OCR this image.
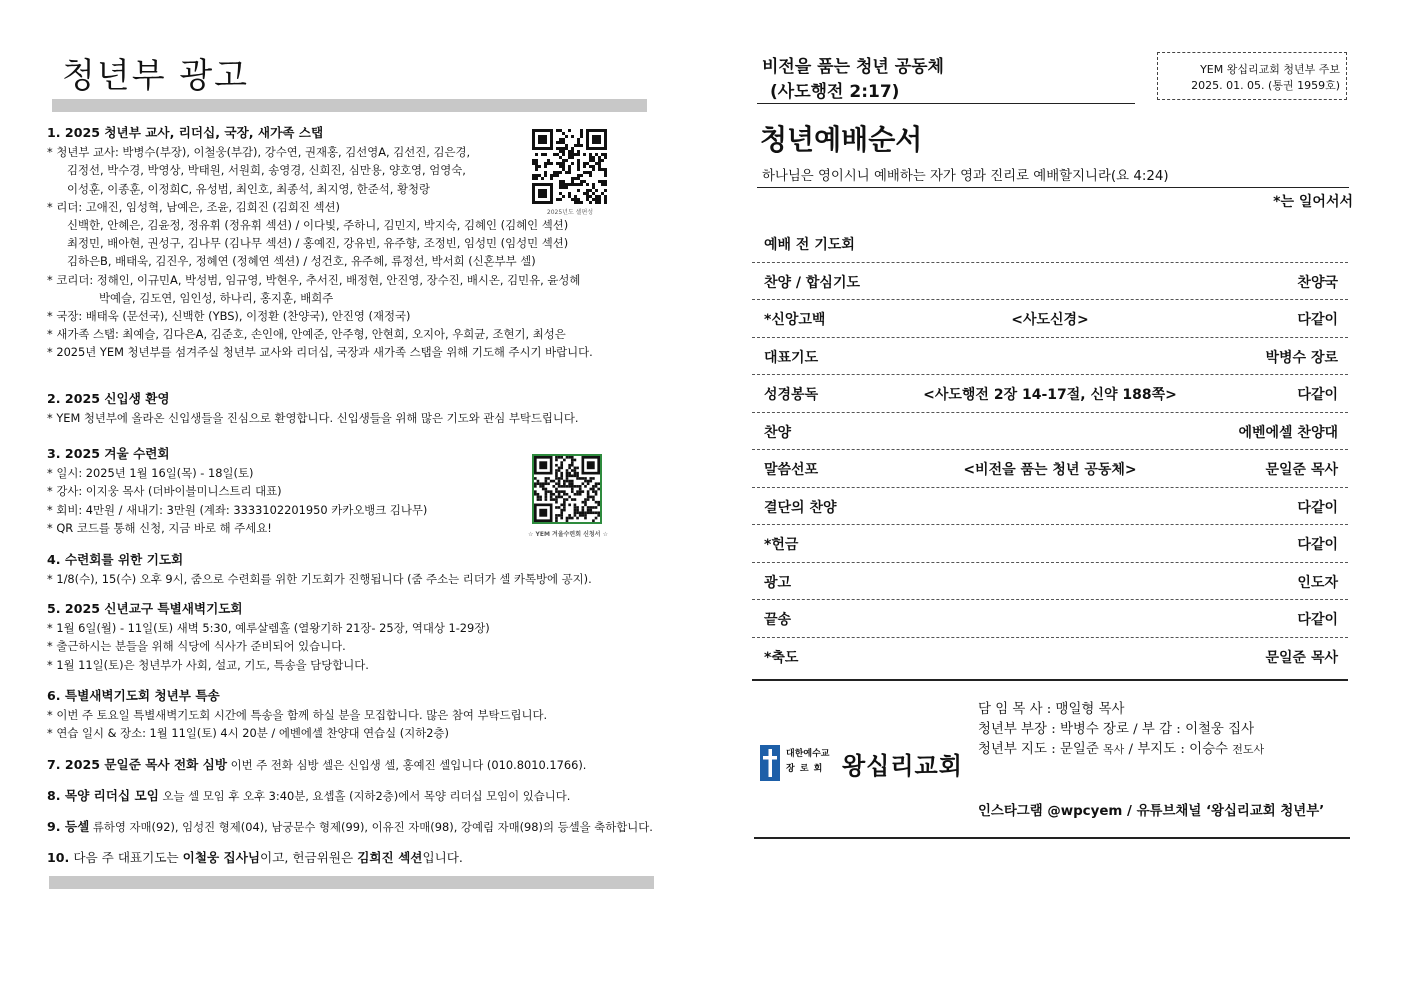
청년부 광고
1. 2025 청년부 교사, 리더십, 국장, 새가족 스탭
* 청년부 교사: 박병수(부장), 이철웅(부감), 강수연, 권재홍, 김선영A, 김선진, 김은경,
김정선, 박수경, 박영상, 박태원, 서원희, 송영경, 신희진, 심만용, 양호영, 엄영숙,
이성훈, 이종훈, 이정희C, 유성범, 최인호, 최종석, 최지영, 한준석, 황청랑
* 리더: 고애진, 임성혁, 남예은, 조윤, 김희진 (김희진 섹션)
신백한, 안혜은, 김윤정, 정유휘 (정유휘 섹션) / 이다빛, 주하니, 김민지, 박지숙, 김혜인 (김혜인 섹션)
최정민, 배아현, 권성구, 김나무 (김나무 섹션) / 홍예진, 강유빈, 유주향, 조정빈, 임성민 (임성민 섹션)
김하은B, 배태욱, 김진우, 정혜연 (정혜연 섹션) / 성건호, 유주혜, 류정선, 박서희 (신혼부부 셀)
* 코리더: 정해인, 이규민A, 박성범, 임규영, 박현우, 추서진, 배정현, 안진영, 장수진, 배시온, 김민유, 윤성혜
박예슬, 김도연, 임인성, 하나리, 홍지훈, 배희주
* 국장: 배태욱 (문선국), 신백한 (YBS), 이정환 (찬양국), 안진영 (재정국)
* 새가족 스탭: 최예슬, 김다은A, 김준호, 손인애, 안예준, 안주형, 안현희, 오지아, 우희균, 조현기, 최성은
* 2025년 YEM 청년부를 섬겨주실 청년부 교사와 리더십, 국장과 새가족 스탭을 위해 기도해 주시기 바랍니다.
2025년도 셀편성
2. 2025 신입생 환영
* YEM 청년부에 올라온 신입생들을 진심으로 환영합니다. 신입생들을 위해 많은 기도와 관심 부탁드립니다.
3. 2025 겨울 수련회
* 일시: 2025년 1월 16일(목) - 18일(토)
* 강사: 이지웅 목사 (더바이블미니스트리 대표)
* 회비: 4만원 / 새내기: 3만원 (계좌: 3333102201950 카카오뱅크 김나무)
* QR 코드를 통해 신청, 지금 바로 해 주세요!	☆ YEM 겨울수련회 신청서 ☆
4. 수련회를 위한 기도회
* 1/8(수), 15(수) 오후 9시, 줌으로 수련회를 위한 기도회가 진행됩니다 (줌 주소는 리더가 셀 카톡방에 공지).
5. 2025 신년교구 특별새벽기도회
* 1월 6일(월) - 11일(토) 새벽 5:30, 예루살렘홀 (열왕기하 21장- 25장, 역대상 1-29장)
* 출근하시는 분들을 위해 식당에 식사가 준비되어 있습니다.
* 1월 11일(토)은 청년부가 사회, 설교, 기도, 특송을 담당합니다.
6. 특별새벽기도회 청년부 특송
* 이번 주 토요일 특별새벽기도회 시간에 특송을 함께 하실 분을 모집합니다. 많은 참여 부탁드립니다.
* 연습 일시 & 장소: 1월 11일(토) 4시 20분 / 에벤에셀 찬양대 연습실 (지하2층)
7. 2025 문일준 목사 전화 심방 이번 주 전화 심방 셀은 신입생 셀, 홍예진 셀입니다 (010.8010.1766).
8. 목양 리더십 모임 오늘 셀 모임 후 오후 3:40분, 요셉홀 (지하2층)에서 목양 리더십 모임이 있습니다.
9. 등셀 류하영 자매(92), 임성진 형제(04), 남궁문수 형제(99), 이유진 자매(98), 강예림 자매(98)의 등셀을 축하합니다.
10. 다음 주 대표기도는 이철웅 집사님이고, 헌금위원은 김희진 섹션입니다.
비전을 품는 청년 공동체
(사도행전 2:17)
YEM 왕십리교회 청년부 주보
2025. 01. 05. (통권 1959호)
청년예배순서
하나님은 영이시니 예배하는 자가 영과 진리로 예배할지니라(요 4:24)
*는 일어서서
예배 전 기도회
찬양 / 합심기도	찬양국
*신앙고백	<사도신경>	다같이
대표기도	박병수 장로
성경봉독	<사도행전 2장 14-17절, 신약 188쪽>	다같이
찬양	에벤에셀 찬양대
말씀선포	<비전을 품는 청년 공동체>	문일준 목사
결단의 찬양	다같이
*헌금	다같이
광고	인도자
끝송	다같이
*축도	문일준 목사
대한예수교
장 로 회 왕십리교회
담 임 목 사 : 맹일형 목사
청년부 부장 : 박병수 장로 / 부 감 : 이철웅 집사
청년부 지도 : 문일준 목사 / 부지도 : 이승수 전도사
인스타그램 @wpcyem / 유튜브채널 ‘왕십리교회 청년부’
